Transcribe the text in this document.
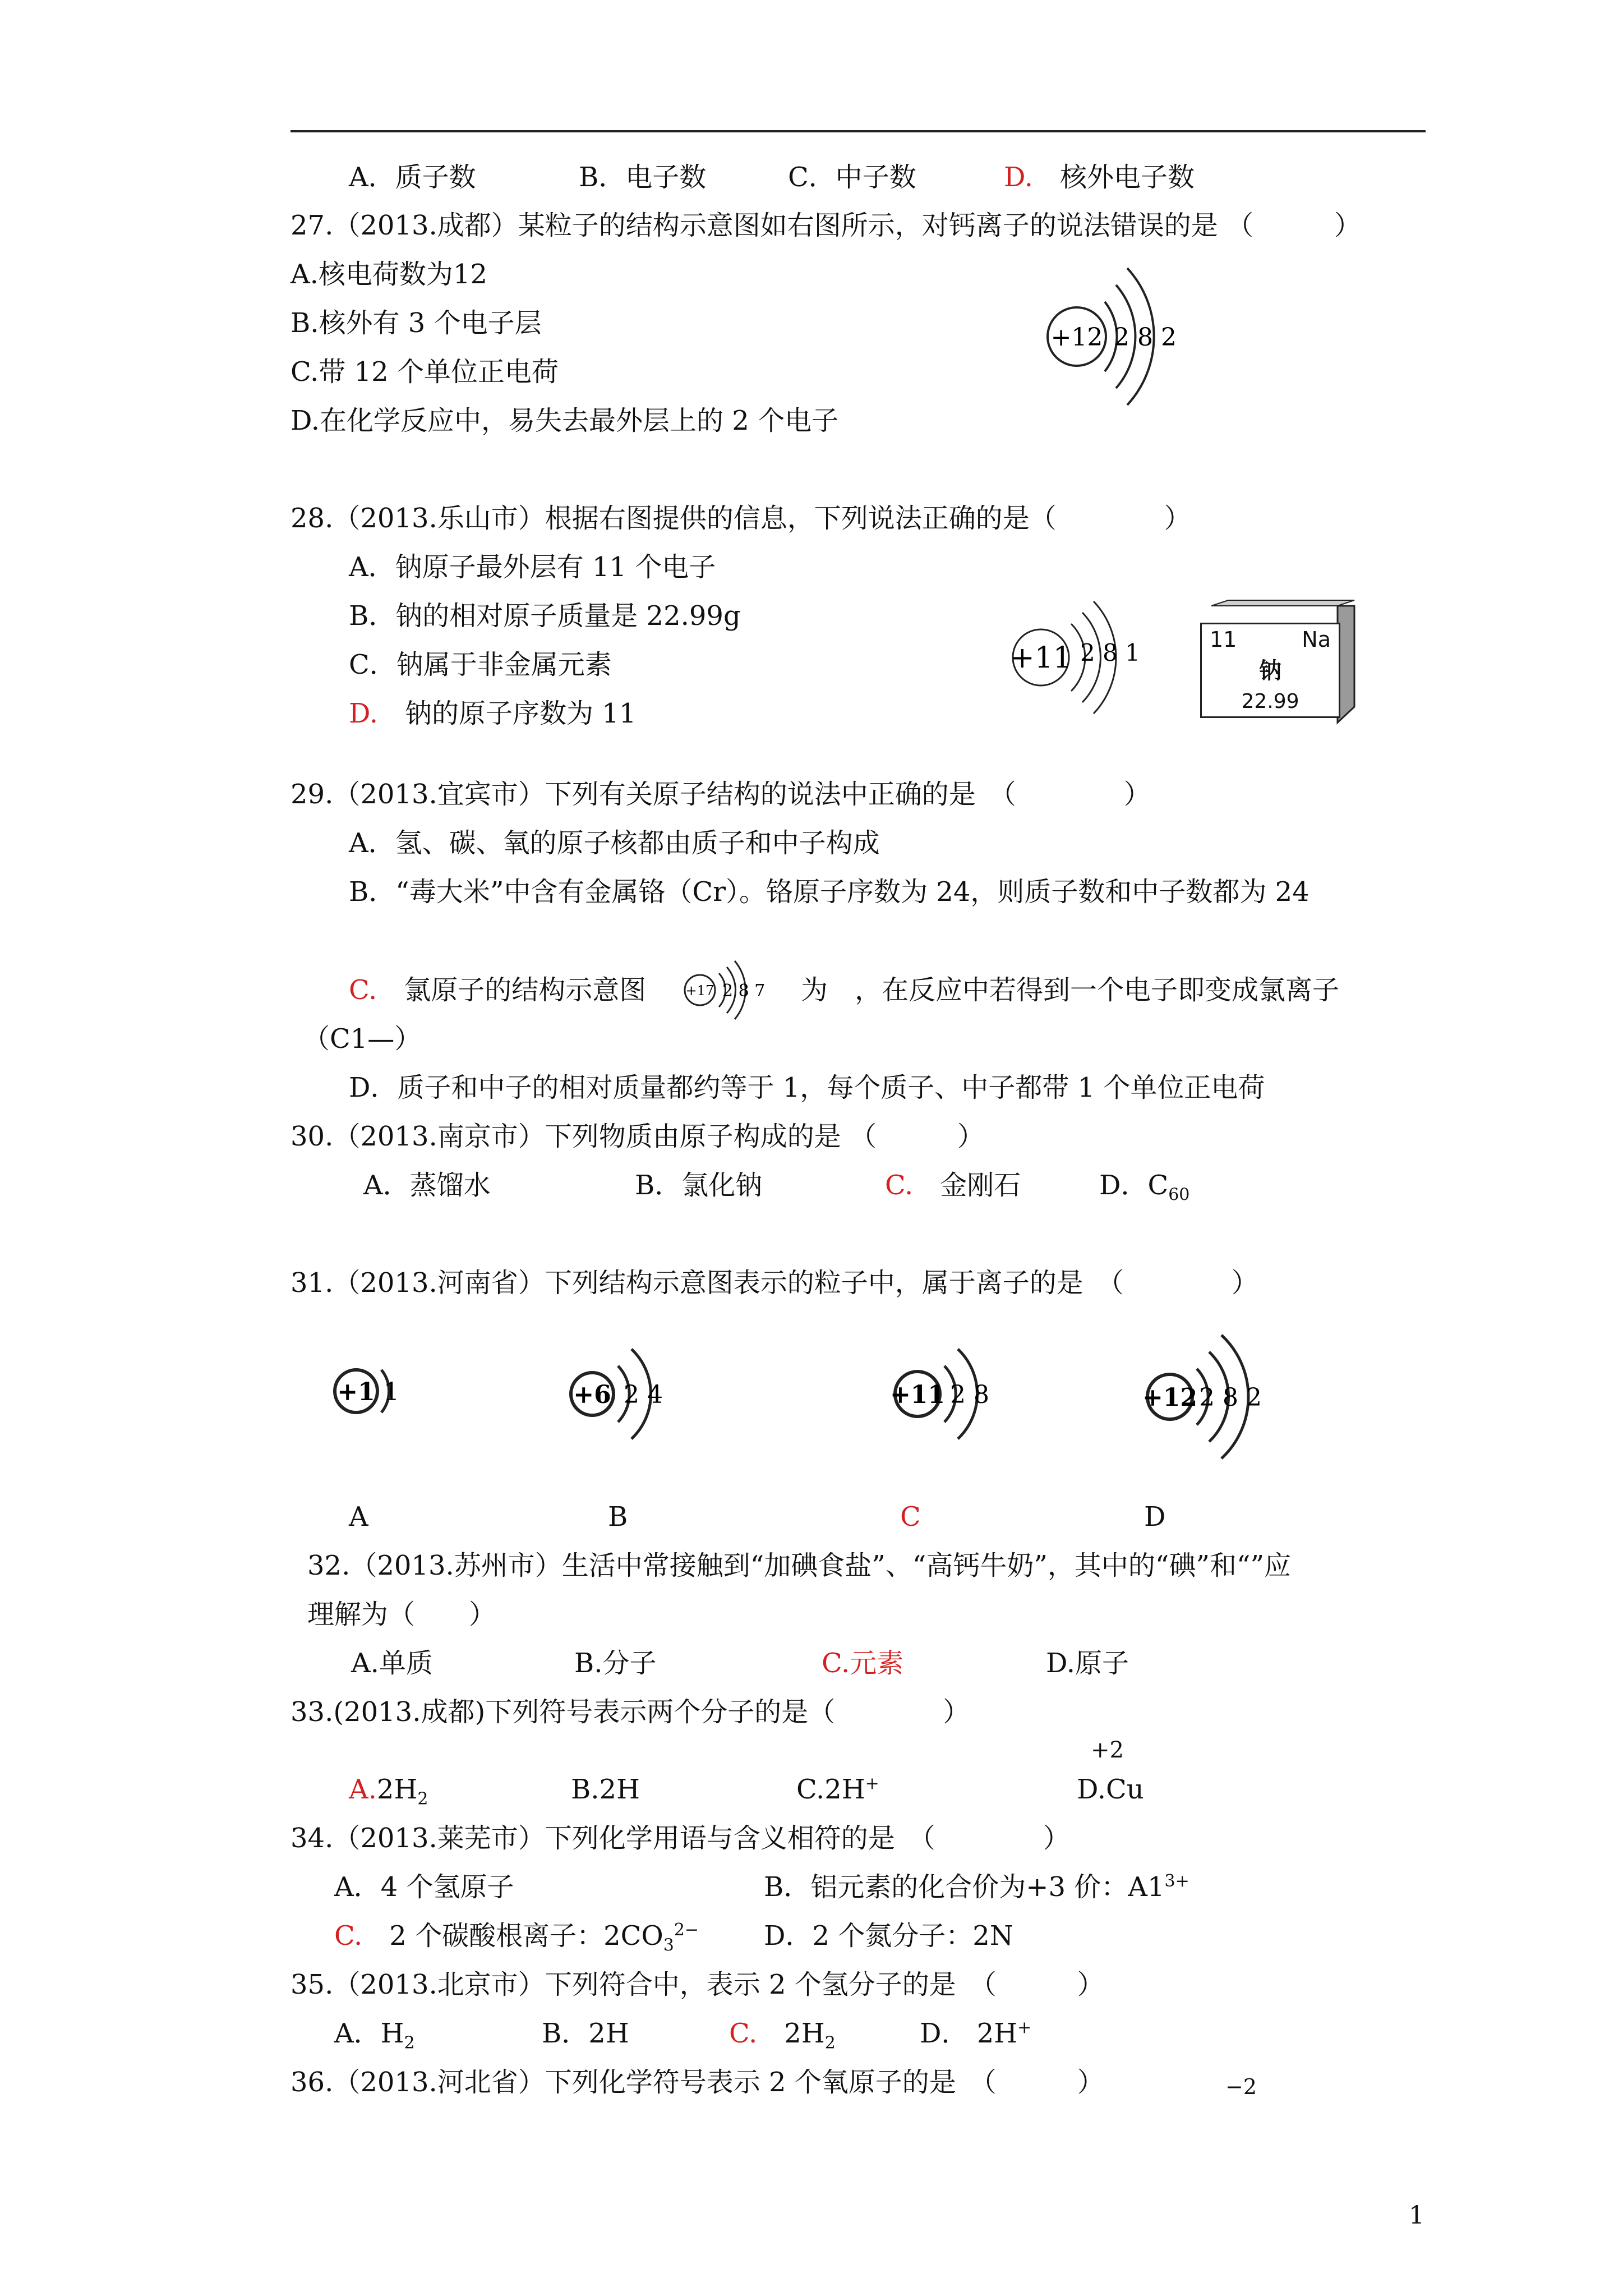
A．质子数	B．电子数	C．中子数	D.　 核外电子数
27.（2013.成都）某粒子的结构示意图如右图所示，对钙离子的说法错误的是 （　　　）
A.核电荷数为12
B.核外有 3 个电子层
C.带 12 个单位正电荷
D.在化学反应中，易失去最外层上的 2 个电子
+12 2 8 2
28.（2013.乐山市）根据右图提供的信息，下列说法正确的是（　　　　）
A．钠原子最外层有 11 个电子
B．钠的相对原子质量是 22.99g
C．钠属于非金属元素
D.　 钠的原子序数为 11
+11 2 8 1	11	Na
钠
22.99
29.（2013.宜宾市）下列有关原子结构的说法中正确的是　（　　　　）
A．氢、碳、氧的原子核都由质子和中子构成
B．“毒大米”中含有金属铬（Cr）。铬原子序数为 24，则质子数和中子数都为 24
C.　 氯原子的结构示意图	+17 2 8 7 为　，在反应中若得到一个电子即变成氯离子
（C1—）
D．质子和中子的相对质量都约等于 1，每个质子、中子都带 1 个单位正电荷
30.（2013.南京市）下列物质由原子构成的是 （　　　）
A．蒸馏水	B．氯化钠	C.　 金刚石	D．$C_{60}$
31.（2013.河南省）下列结构示意图表示的粒子中，属于离子的是　（　　　　）
+1 1	+6 2 4	+11 2 8	+12 2 8 2
A	B	C	D
32.（2013.苏州市）生活中常接触到“加碘食盐”、“高钙牛奶”，其中的“碘”和“”应
理解为（　　）
A.单质	B.分子	C.元素	D.原子
33.(2013.成都)下列符号表示两个分子的是（　　　　）
$A.2H_2$	B.2H	C.2H+
+2
D.Cu
34.（2013.莱芜市）下列化学用语与含义相符的是　（　　　　）
A．4 个氢原子	B．铝元素的化合价为+3 价：$A1^{3+}$
C.　 2 个碳酸根离子：$2CO_3^{2-}$ D．2 个氮分子：2N
35.（2013.北京市）下列符合中，表示 2 个氢分子的是　（　　　）
A．$H_2$	B．2H	C.　 $2H_2$	D． 2H+
36.（2013.河北省）下列化学符号表示 2 个氧原子的是　（　　　）	−2
1
